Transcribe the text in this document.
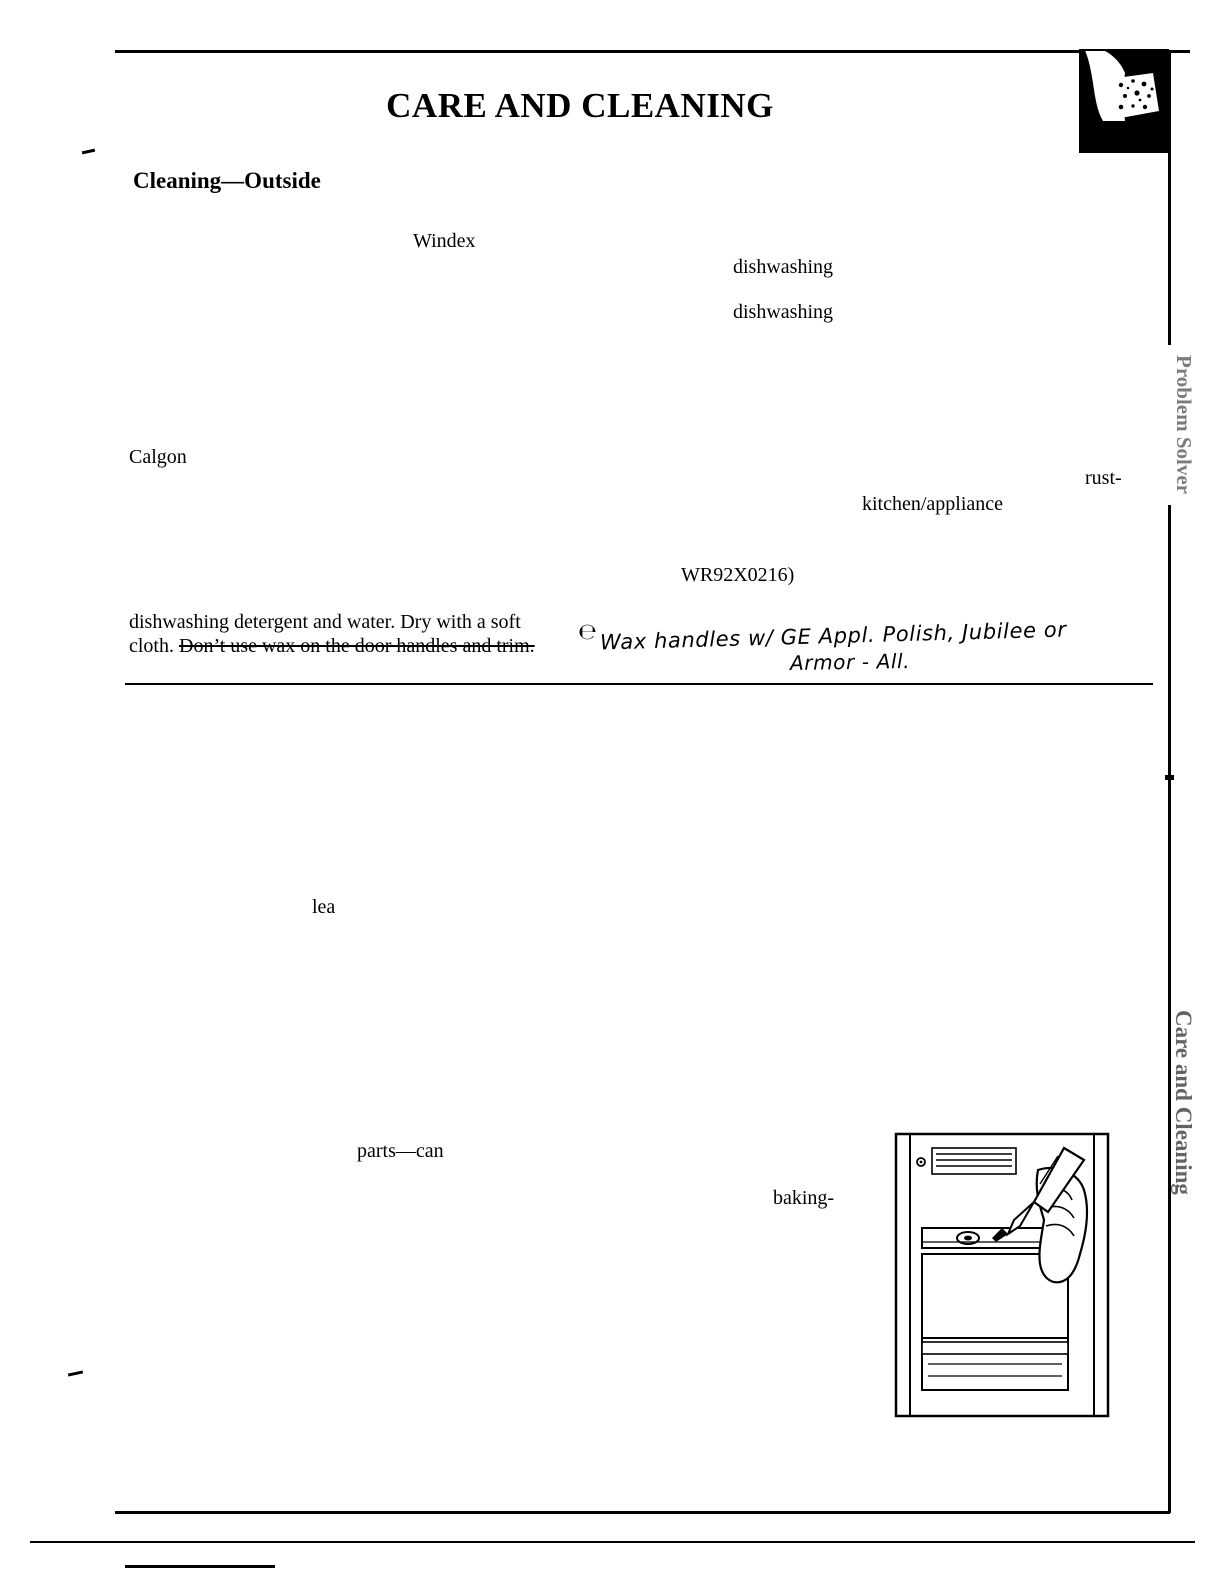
CARE AND CLEANING
Cleaning—Outside
Windex
dishwashing
dishwashing
Calgon
rust-
kitchen/appliance
WR92X0216)
lea
parts—can
baking-
dishwashing detergent and water. Dry with a soft
cloth. Don’t use wax on the door handles and trim.
℮ Wax handles w/ GE Appl. Polish, Jubilee or
Armor - All.
Problem Solver
Care and Cleaning
